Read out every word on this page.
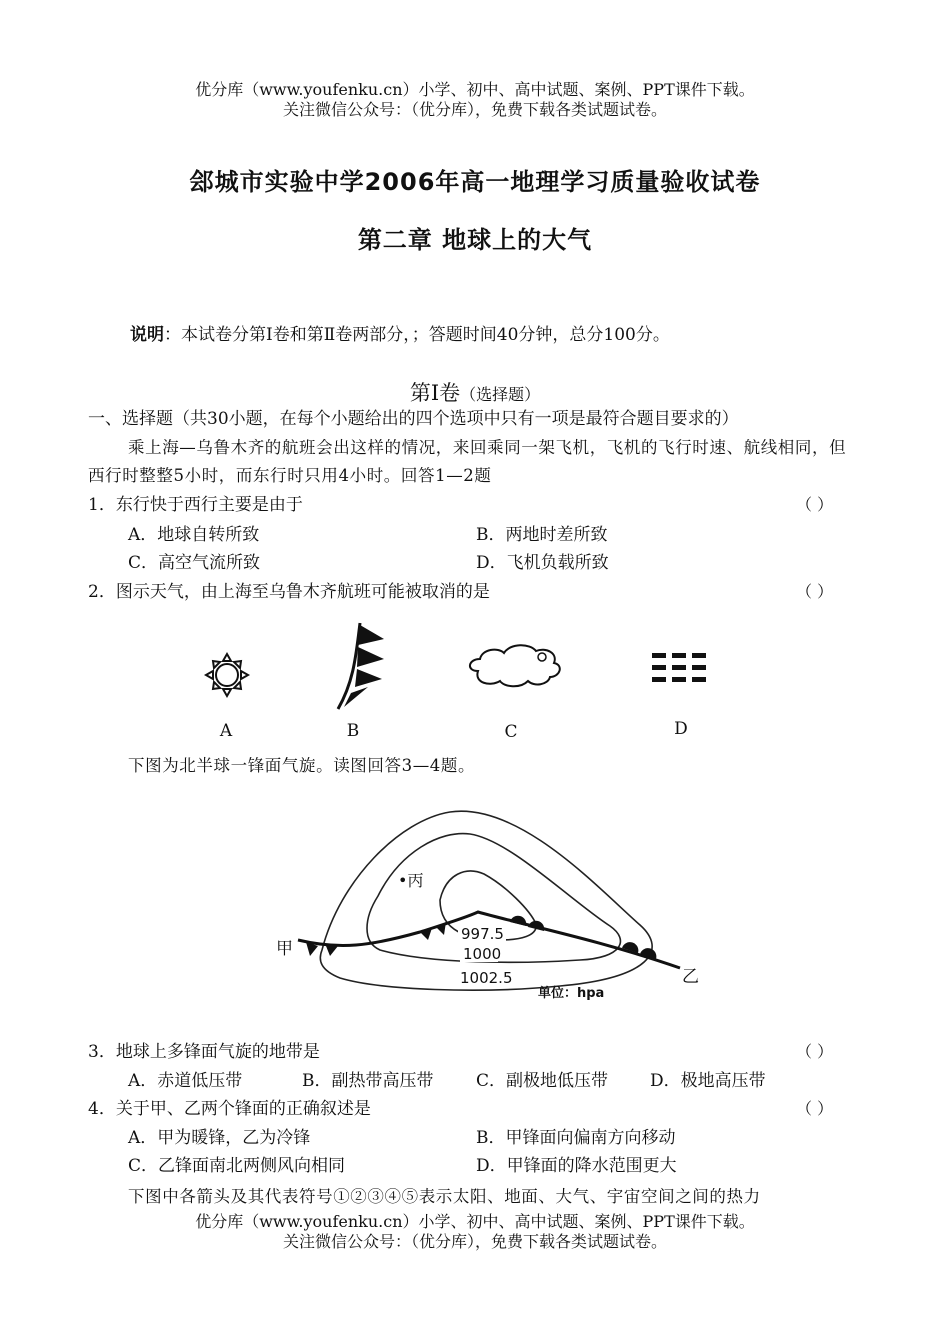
优分库（www.youfenku.cn）小学、初中、高中试题、案例、PPT课件下载。
关注微信公众号：（优分库），免费下载各类试题试卷。
郐城市实验中学2006年高一地理学习质量验收试卷
第二章 地球上的大气
说明：本试卷分第Ⅰ卷和第Ⅱ卷两部分，；答题时间40分钟，总分100分。
第Ⅰ卷（选择题）
一、选择题（共30小题，在每个小题给出的四个选项中只有一项是最符合题目要求的）
乘上海—乌鲁木齐的航班会出这样的情况，来回乘同一架飞机，飞机的飞行时速、航线相同，但西行时整整5小时，而东行时只用4小时。回答1—2题
1．东行快于西行主要是由于	（ ）
A．地球自转所致	B．两地时差所致
C．高空气流所致	D．飞机负载所致
2．图示天气，由上海至乌鲁木齐航班可能被取消的是	（ ）
A	B	C	D
下图为北半球一锋面气旋。读图回答3—4题。
•丙
甲
乙
997.5
1000
1002.5
单位：hpa
3．地球上多锋面气旋的地带是	（ ）
A．赤道低压带	B．副热带高压带	C．副极地低压带 D．极地高压带
4．关于甲、乙两个锋面的正确叙述是	（ ）
A．甲为暖锋，乙为冷锋	B．甲锋面向偏南方向移动
C．乙锋面南北两侧风向相同	D．甲锋面的降水范围更大
下图中各箭头及其代表符号①②③④⑤表示太阳、地面、大气、宇宙空间之间的热力
优分库（www.youfenku.cn）小学、初中、高中试题、案例、PPT课件下载。
关注微信公众号：（优分库），免费下载各类试题试卷。
